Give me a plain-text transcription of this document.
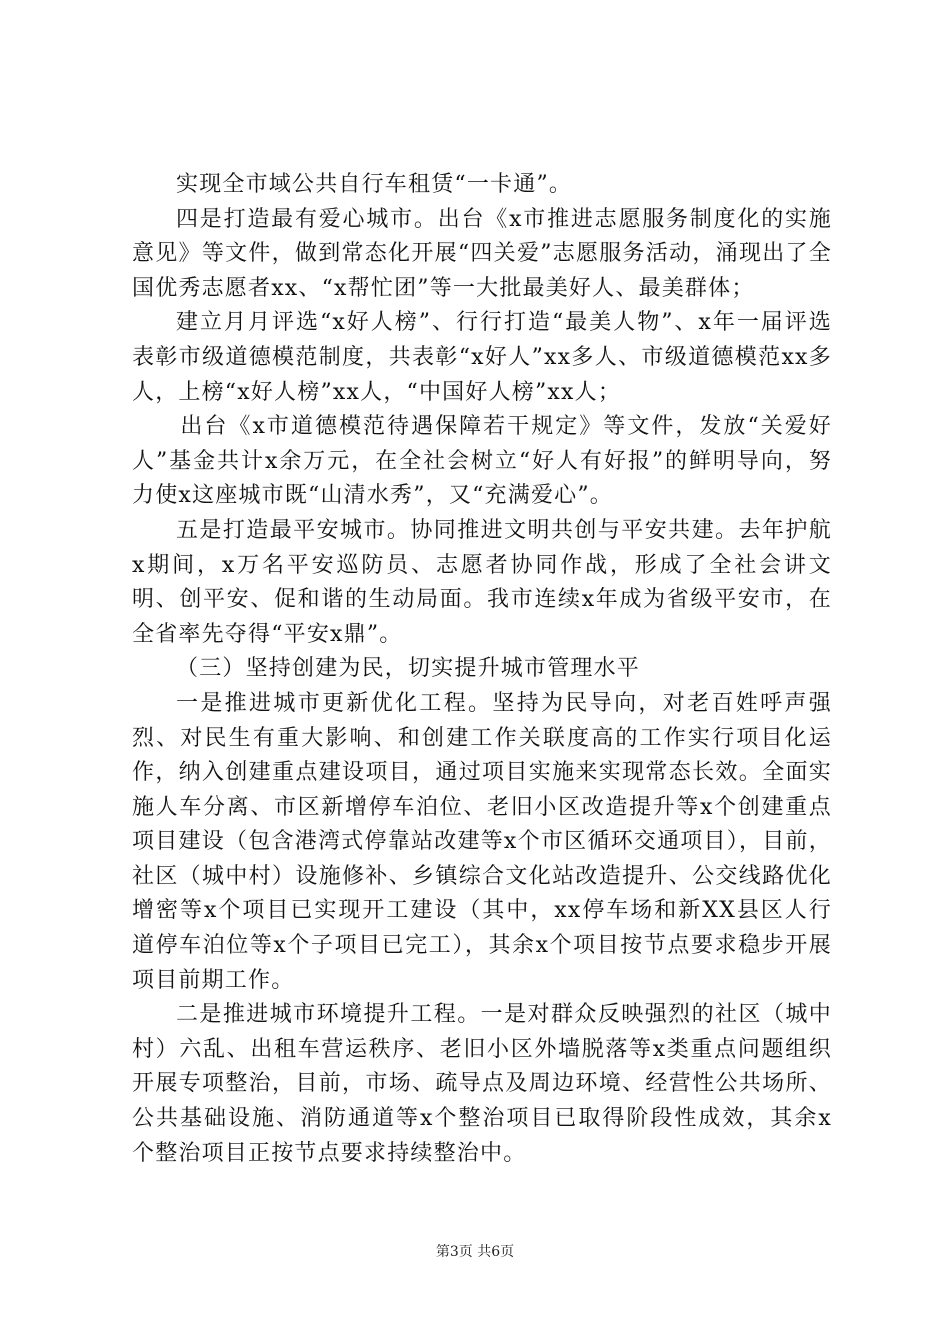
实现全市域公共自行车租赁“一卡通”。

四是打造最有爱心城市。出台《x市推进志愿服务制度化的实施意见》等文件，做到常态化开展“四关爱”志愿服务活动，涌现出了全国优秀志愿者xx、“x帮忙团”等一大批最美好人、最美群体；

建立月月评选“x好人榜”、行行打造“最美人物”、x年一届评选表彰市级道德模范制度，共表彰“x好人”xx多人、市级道德模范xx多人，上榜“x好人榜”xx人，“中国好人榜”xx人；

出台《x市道德模范待遇保障若干规定》等文件，发放“关爱好人”基金共计x余万元，在全社会树立“好人有好报”的鲜明导向，努力使x这座城市既“山清水秀”，又“充满爱心”。

五是打造最平安城市。协同推进文明共创与平安共建。去年护航x期间，x万名平安巡防员、志愿者协同作战，形成了全社会讲文明、创平安、促和谐的生动局面。我市连续x年成为省级平安市，在全省率先夺得“平安x鼎”。

（三）坚持创建为民，切实提升城市管理水平

一是推进城市更新优化工程。坚持为民导向，对老百姓呼声强烈、对民生有重大影响、和创建工作关联度高的工作实行项目化运作，纳入创建重点建设项目，通过项目实施来实现常态长效。全面实施人车分离、市区新增停车泊位、老旧小区改造提升等x个创建重点项目建设（包含港湾式停靠站改建等x个市区循环交通项目），目前，社区（城中村）设施修补、乡镇综合文化站改造提升、公交线路优化增密等x个项目已实现开工建设（其中，xx停车场和新XX县区人行道停车泊位等x个子项目已完工），其余x个项目按节点要求稳步开展项目前期工作。

二是推进城市环境提升工程。一是对群众反映强烈的社区（城中村）六乱、出租车营运秩序、老旧小区外墙脱落等x类重点问题组织开展专项整治，目前，市场、疏导点及周边环境、经营性公共场所、公共基础设施、消防通道等x个整治项目已取得阶段性成效，其余x个整治项目正按节点要求持续整治中。

第3页 共6页
